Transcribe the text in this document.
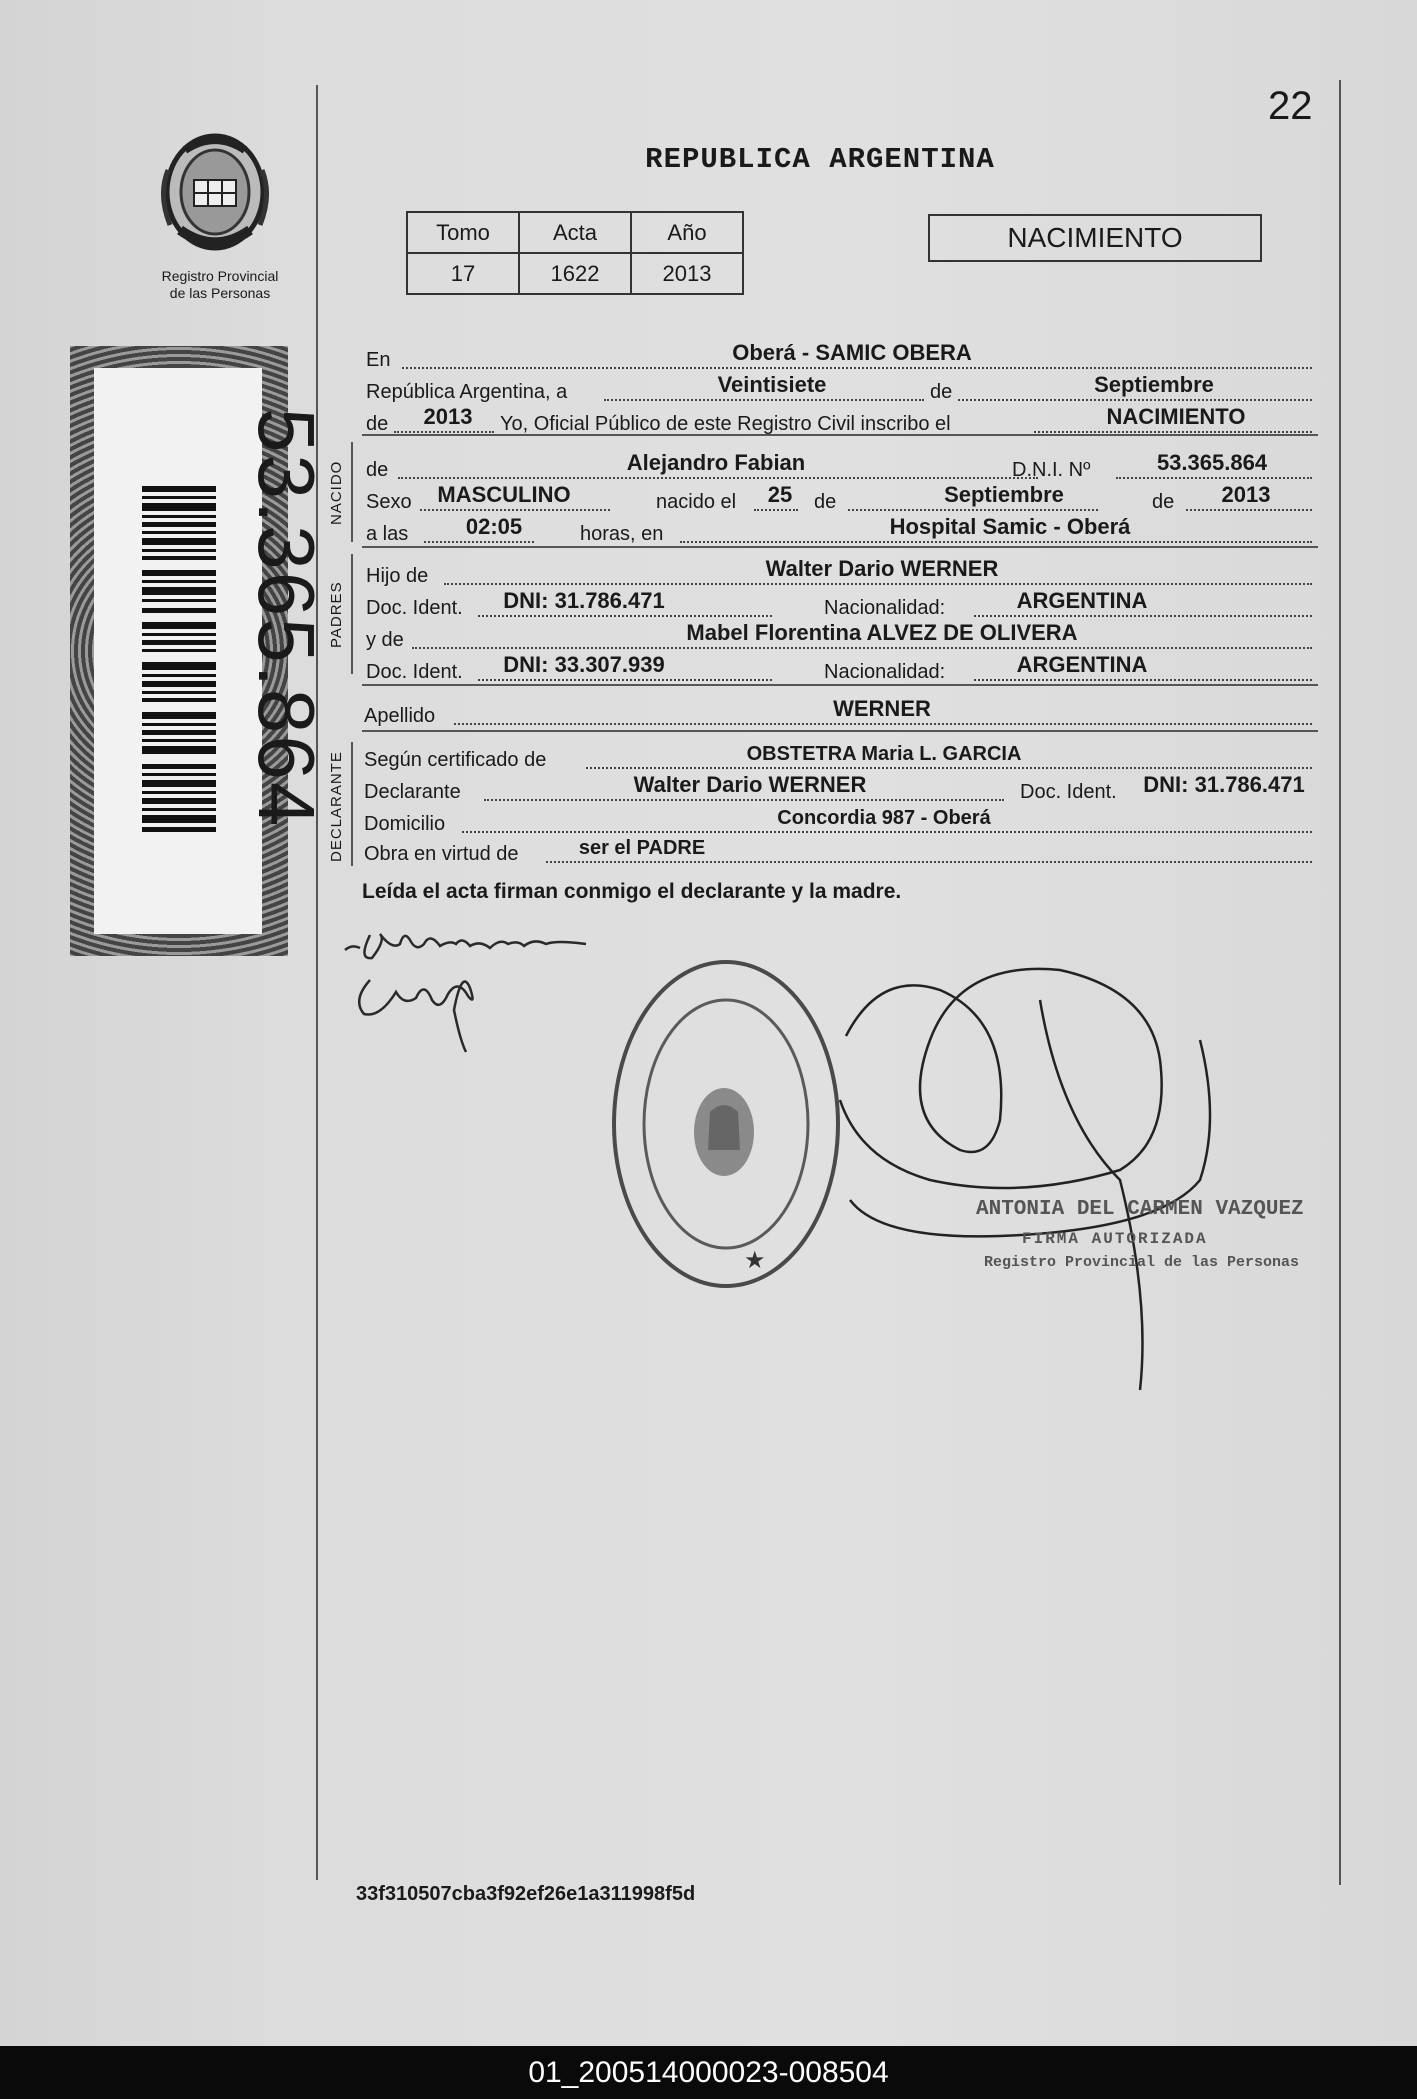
22
Registro Provincial
de las Personas
53.365.864
REPUBLICA ARGENTINA
Tomo	Acta	Año
17	1622	2013
NACIMIENTO
En	Oberá - SAMIC OBERA
República Argentina, a	Veintisiete	de	Septiembre
de 2013 Yo, Oficial Público de este Registro Civil inscribo el	NACIMIENTO
NACIDO de	Alejandro Fabian	D.N.I. Nº	53.365.864
Sexo MASCULINO	nacido el 25 de	Septiembre	de 2013
a las	02:05	horas, en	Hospital Samic - Oberá
PADRES
Hijo de	Walter Dario WERNER
Doc. Ident. DNI: 31.786.471	Nacionalidad:	ARGENTINA
y de	Mabel Florentina ALVEZ DE OLIVERA
Doc. Ident. DNI: 33.307.939	Nacionalidad:	ARGENTINA
Apellido	WERNER
DECLARANTE Según certificado de	OBSTETRA Maria L. GARCIA
Declarante	Walter Dario WERNER	Doc. Ident. DNI: 31.786.471
Domicilio	Concordia 987 - Oberá
Obra en virtud de	ser el PADRE
Leída el acta firman conmigo el declarante y la madre.
★
ANTONIA DEL CARMEN VAZQUEZ
FIRMA AUTORIZADA
Registro Provincial de las Personas
33f310507cba3f92ef26e1a311998f5d
01_200514000023-008504
